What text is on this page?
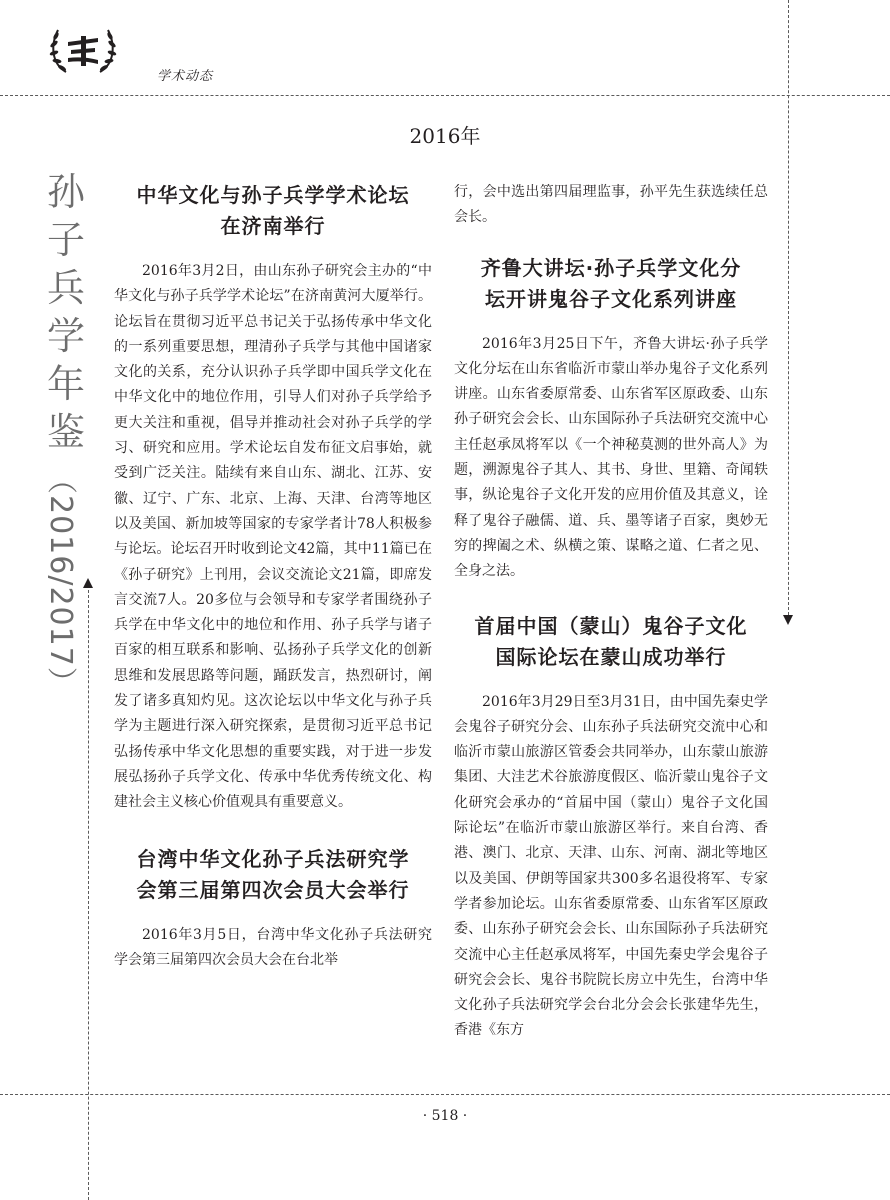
学术动态
2016年
孙
子
兵
学
年
鉴
（2016/2017）
中华文化与孙子兵学学术论坛
在济南举行

2016年3月2日，由山东孙子研究会主办的“中华文化与孙子兵学学术论坛”在济南黄河大厦举行。论坛旨在贯彻习近平总书记关于弘扬传承中华文化的一系列重要思想，理清孙子兵学与其他中国诸家文化的关系，充分认识孙子兵学即中国兵学文化在中华文化中的地位作用，引导人们对孙子兵学给予更大关注和重视，倡导并推动社会对孙子兵学的学习、研究和应用。学术论坛自发布征文启事始，就受到广泛关注。陆续有来自山东、湖北、江苏、安徽、辽宁、广东、北京、上海、天津、台湾等地区以及美国、新加坡等国家的专家学者计78人积极参与论坛。论坛召开时收到论文42篇，其中11篇已在《孙子研究》上刊用，会议交流论文21篇，即席发言交流7人。20多位与会领导和专家学者围绕孙子兵学在中华文化中的地位和作用、孙子兵学与诸子百家的相互联系和影响、弘扬孙子兵学文化的创新思维和发展思路等问题，踊跃发言，热烈研讨，阐发了诸多真知灼见。这次论坛以中华文化与孙子兵学为主题进行深入研究探索，是贯彻习近平总书记弘扬传承中华文化思想的重要实践，对于进一步发展弘扬孙子兵学文化、传承中华优秀传统文化、构建社会主义核心价值观具有重要意义。

台湾中华文化孙子兵法研究学
会第三届第四次会员大会举行

2016年3月5日，台湾中华文化孙子兵法研究学会第三届第四次会员大会在台北举

行，会中选出第四届理监事，孙平先生获选续任总会长。

齐鲁大讲坛·孙子兵学文化分
坛开讲鬼谷子文化系列讲座

2016年3月25日下午，齐鲁大讲坛·孙子兵学文化分坛在山东省临沂市蒙山举办鬼谷子文化系列讲座。山东省委原常委、山东省军区原政委、山东孙子研究会会长、山东国际孙子兵法研究交流中心主任赵承凤将军以《一个神秘莫测的世外高人》为题，溯源鬼谷子其人、其书、身世、里籍、奇闻轶事，纵论鬼谷子文化开发的应用价值及其意义，诠释了鬼谷子融儒、道、兵、墨等诸子百家，奥妙无穷的捭阖之术、纵横之策、谋略之道、仁者之见、全身之法。

首届中国（蒙山）鬼谷子文化
国际论坛在蒙山成功举行

2016年3月29日至3月31日，由中国先秦史学会鬼谷子研究分会、山东孙子兵法研究交流中心和临沂市蒙山旅游区管委会共同举办，山东蒙山旅游集团、大洼艺术谷旅游度假区、临沂蒙山鬼谷子文化研究会承办的“首届中国（蒙山）鬼谷子文化国际论坛”在临沂市蒙山旅游区举行。来自台湾、香港、澳门、北京、天津、山东、河南、湖北等地区以及美国、伊朗等国家共300多名退役将军、专家学者参加论坛。山东省委原常委、山东省军区原政委、山东孙子研究会会长、山东国际孙子兵法研究交流中心主任赵承凤将军，中国先秦史学会鬼谷子研究会会长、鬼谷书院院长房立中先生，台湾中华文化孙子兵法研究学会台北分会会长张建华先生，香港《东方

· 518 ·
